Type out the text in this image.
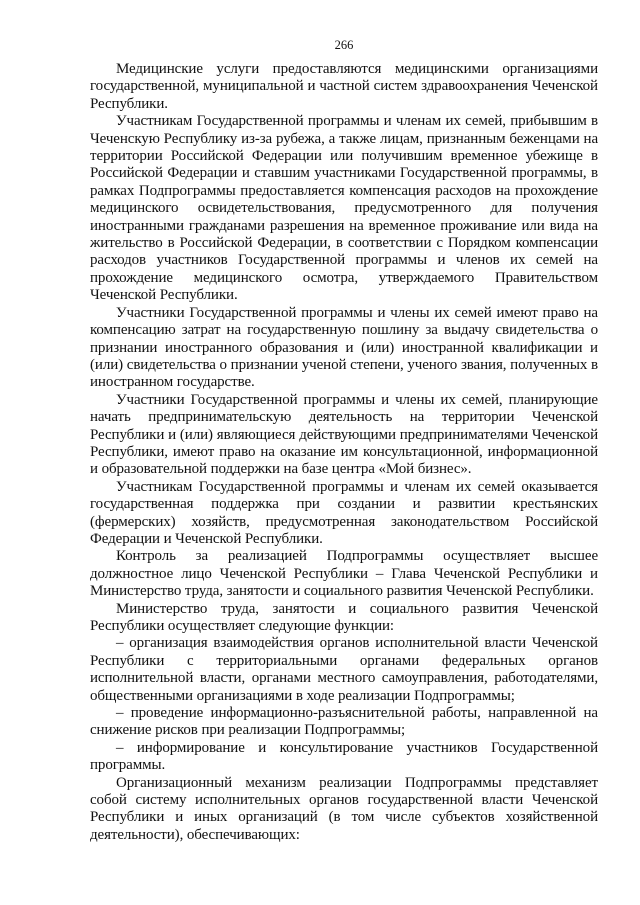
266

Медицинские услуги предоставляются медицинскими организациями государственной, муниципальной и частной систем здравоохранения Чеченской Республики.

Участникам Государственной программы и членам их семей, прибывшим в Чеченскую Республику из-за рубежа, а также лицам, признанным беженцами на территории Российской Федерации или получившим временное убежище в Российской Федерации и ставшим участниками Государственной программы, в рамках Подпрограммы предоставляется компенсация расходов на прохождение медицинского освидетельствования, предусмотренного для получения иностранными гражданами разрешения на временное проживание или вида на жительство в Российской Федерации, в соответствии с Порядком компенсации расходов участников Государственной программы и членов их семей на прохождение медицинского осмотра, утверждаемого Правительством Чеченской Республики.

Участники Государственной программы и члены их семей имеют право на компенсацию затрат на государственную пошлину за выдачу свидетельства о признании иностранного образования и (или) иностранной квалификации и (или) свидетельства о признании ученой степени, ученого звания, полученных в иностранном государстве.

Участники Государственной программы и члены их семей, планирующие начать предпринимательскую деятельность на территории Чеченской Республики и (или) являющиеся действующими предпринимателями Чеченской Республики, имеют право на оказание им консультационной, информационной и образовательной поддержки на базе центра «Мой бизнес».

Участникам Государственной программы и членам их семей оказывается государственная поддержка при создании и развитии крестьянских (фермерских) хозяйств, предусмотренная законодательством Российской Федерации и Чеченской Республики.

Контроль за реализацией Подпрограммы осуществляет высшее должностное лицо Чеченской Республики – Глава Чеченской Республики и Министерство труда, занятости и социального развития Чеченской Республики.

Министерство труда, занятости и социального развития Чеченской Республики осуществляет следующие функции:

– организация взаимодействия органов исполнительной власти Чеченской Республики с территориальными органами федеральных органов исполнительной власти, органами местного самоуправления, работодателями, общественными организациями в ходе реализации Подпрограммы;

– проведение информационно-разъяснительной работы, направленной на снижение рисков при реализации Подпрограммы;

– информирование и консультирование участников Государственной программы.

Организационный механизм реализации Подпрограммы представляет собой систему исполнительных органов государственной власти Чеченской Республики и иных организаций (в том числе субъектов хозяйственной деятельности), обеспечивающих:
